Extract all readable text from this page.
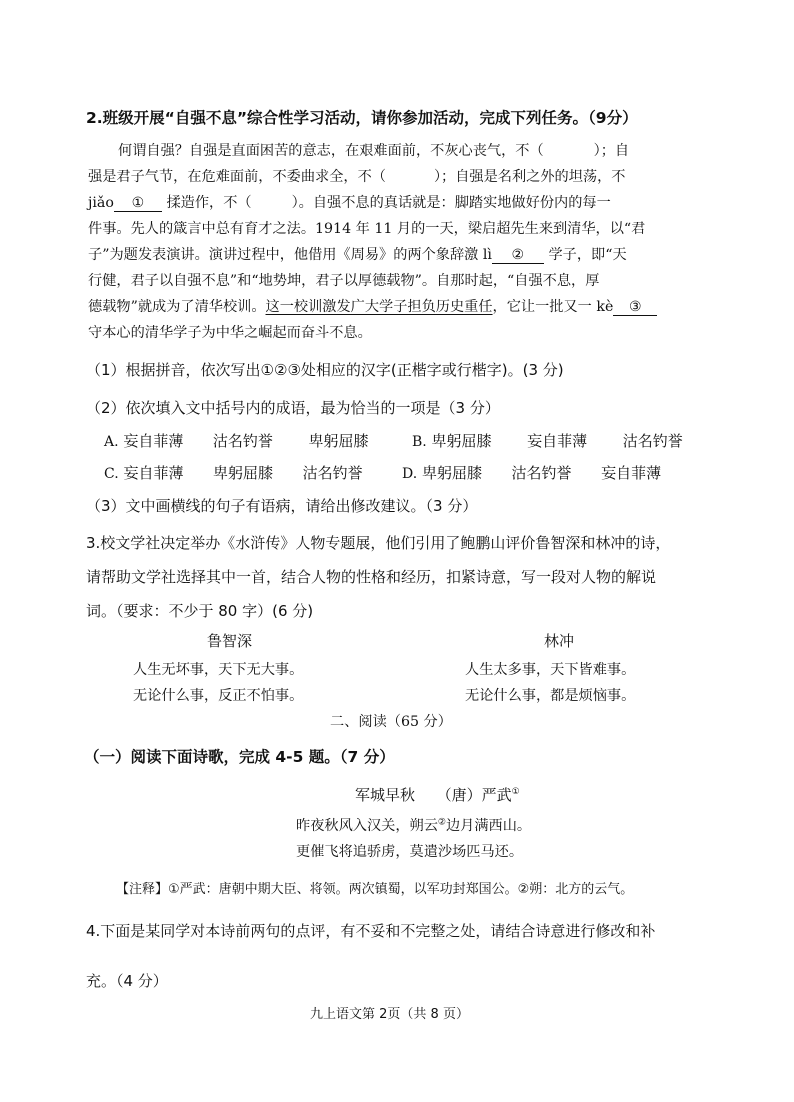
2.班级开展“自强不息”综合性学习活动，请你参加活动，完成下列任务。（9分）
何谓自强？自强是直面困苦的意志，在艰难面前，不灰心丧气，不（	）；自
强是君子气节，在危难面前，不委曲求全，不（	）；自强是名利之外的坦荡，不
jiǎo ① 揉造作，不（	）。自强不息的真话就是：脚踏实地做好份内的每一
件事。先人的箴言中总有育才之法。1914 年 11 月的一天，梁启超先生来到清华，以“君
子”为题发表演讲。演讲过程中，他借用《周易》的两个象辞激 lì ② 学子，即“天
行健，君子以自强不息”和“地势坤，君子以厚德载物”。自那时起，“自强不息，厚
德载物”就成为了清华校训。这一校训激发广大学子担负历史重任，它让一批又一 kè ③
守本心的清华学子为中华之崛起而奋斗不息。
（1）根据拼音，依次写出①②③处相应的汉字(正楷字或行楷字)。(3 分)
（2）依次填入文中括号内的成语，最为恰当的一项是（3 分）
A. 妄自菲薄 沽名钓誉 卑躬屈膝	B. 卑躬屈膝 妄自菲薄 沽名钓誉
C. 妄自菲薄 卑躬屈膝 沽名钓誉	D. 卑躬屈膝 沽名钓誉 妄自菲薄
（3）文中画横线的句子有语病，请给出修改建议。（3 分）
3.校文学社决定举办《水浒传》人物专题展，他们引用了鲍鹏山评价鲁智深和林冲的诗，
请帮助文学社选择其中一首，结合人物的性格和经历，扣紧诗意，写一段对人物的解说
词。（要求：不少于 80 字）(6 分)
鲁智深
人生无坏事，天下无大事。
无论什么事，反正不怕事。
林冲
人生太多事，天下皆难事。
无论什么事，都是烦恼事。
二、阅读（65 分）
（一）阅读下面诗歌，完成 4-5 题。（7 分）
军城早秋 （唐）严武①
昨夜秋风入汉关，朔云②边月满西山。
更催飞将追骄虏，莫遣沙场匹马还。
【注释】①严武：唐朝中期大臣、将领。两次镇蜀，以军功封郑国公。②朔：北方的云气。
4.下面是某同学对本诗前两句的点评，有不妥和不完整之处，请结合诗意进行修改和补
充。（4 分）
九上语文第 2页（共 8 页）
